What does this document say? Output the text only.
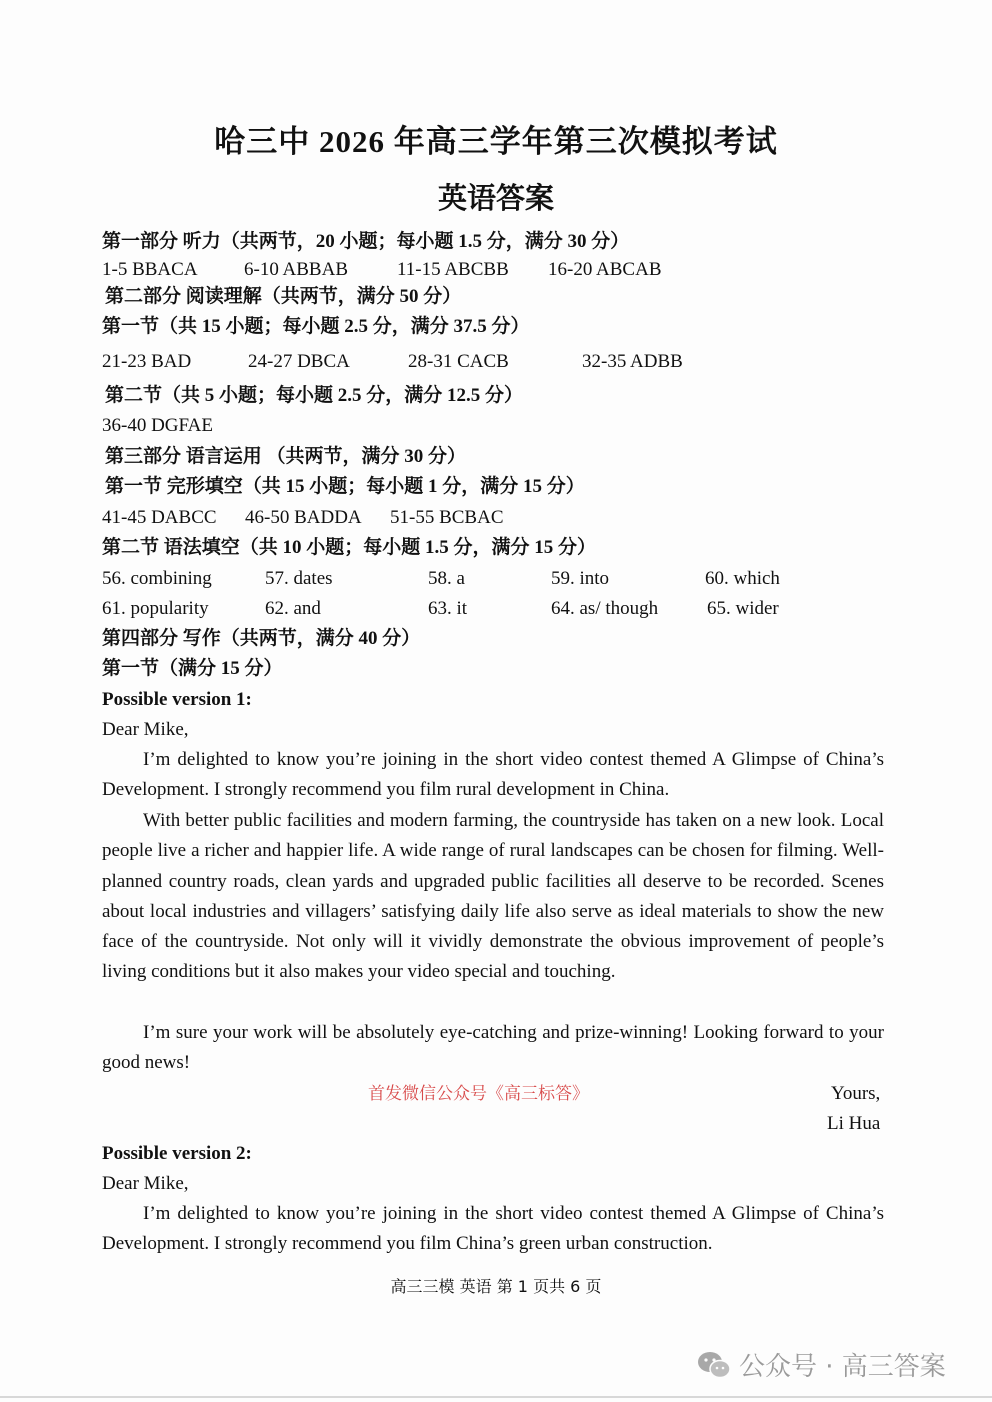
哈三中 2026 年高三学年第三次模拟考试
英语答案
第一部分 听力（共两节，20 小题；每小题 1.5 分，满分 30 分）
1-5 BBACA 6-10 ABBAB	11-15 ABCBB 16-20 ABCAB
第二部分 阅读理解（共两节，满分 50 分）
第一节（共 15 小题；每小题 2.5 分，满分 37.5 分）
21-23 BAD	24-27 DBCA	28-31 CACB	32-35 ADBB
第二节（共 5 小题；每小题 2.5 分，满分 12.5 分）
36-40 DGFAE
第三部分 语言运用 （共两节，满分 30 分）
第一节 完形填空（共 15 小题；每小题 1 分，满分 15 分）
41-45 DABCC 46-50 BADDA 51-55 BCBAC
第二节 语法填空（共 10 小题；每小题 1.5 分，满分 15 分）
56. combining	57. dates	58. a	59. into	60. which
61. popularity	62. and	63. it	64. as/ though	65. wider
第四部分 写作（共两节，满分 40 分）
第一节（满分 15 分）
Possible version 1:
Dear Mike,

I’m delighted to know you’re joining in the short video contest themed A Glimpse of China’s Development. I strongly recommend you film rural development in China.

With better public facilities and modern farming, the countryside has taken on a new look. Local people live a richer and happier life. A wide range of rural landscapes can be chosen for filming. Well-planned country roads, clean yards and upgraded public facilities all deserve to be recorded. Scenes about local industries and villagers’ satisfying daily life also serve as ideal materials to show the new face of the countryside. Not only will it vividly demonstrate the obvious improvement of people’s living conditions but it also makes your video special and touching.

I’m sure your work will be absolutely eye-catching and prize-winning! Looking forward to your good news!

首发微信公众号《高三标答》	Yours,
Li Hua
Possible version 2:
Dear Mike,

I’m delighted to know you’re joining in the short video contest themed A Glimpse of China’s Development. I strongly recommend you film China’s green urban construction.

高三三模 英语 第 1 页共 6 页
公众号 · 高三答案
